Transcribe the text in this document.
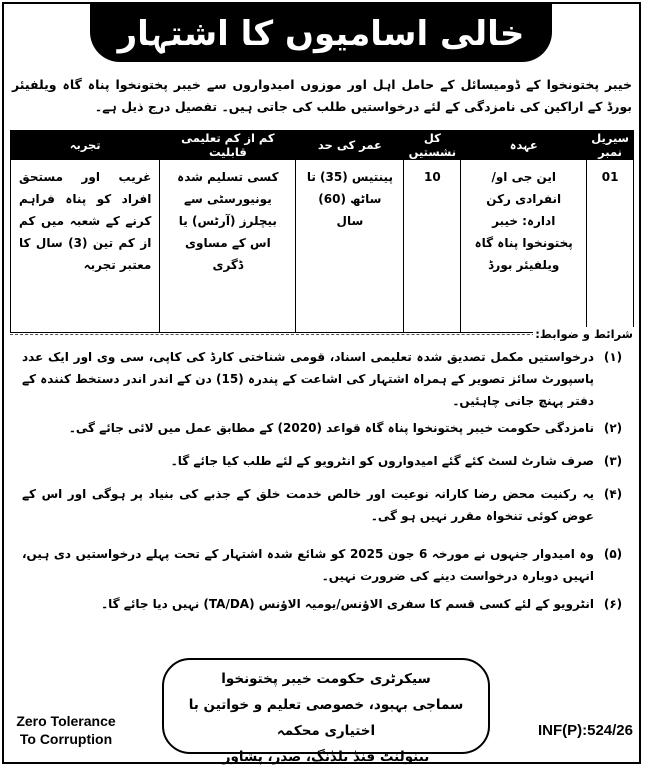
خالی اسامیوں کا اشتہار
خیبر پختونخوا کے ڈومیسائل کے حامل اہل اور موزوں امیدواروں سے خیبر پختونخوا پناہ گاہ ویلفیئر بورڈ کے اراکین کی نامزدگی کے لئے درخواستیں طلب کی جاتی ہیں۔ تفصیل درج ذیل ہے۔
سیریل نمبر	عہدہ	کل نشستیں	عمر کی حد	کم از کم تعلیمی قابلیت	تجربہ
01	این جی او/انفرادی رکن ادارہ: خیبر پختونخوا پناہ گاہ ویلفیئر بورڈ	10	پینتیس (35) تا ساٹھ (60) سال	کسی تسلیم شدہ یونیورسٹی سے بیچلرز (آرٹس) یا اس کے مساوی ڈگری	غریب اور مستحق افراد کو پناہ فراہم کرنے کے شعبہ میں کم از کم تین (3) سال کا معتبر تجربہ
شرائط و ضوابط:
(۱)
درخواستیں مکمل تصدیق شدہ تعلیمی اسناد، قومی شناختی کارڈ کی کاپی، سی وی اور ایک عدد پاسپورٹ سائز تصویر کے ہمراہ اشتہار کی اشاعت کے پندرہ (15) دن کے اندر اندر دستخط کنندہ کے دفتر پہنچ جانی چاہئیں۔
(۲)
نامزدگی حکومت خیبر پختونخوا پناہ گاہ قواعد (2020) کے مطابق عمل میں لائی جائے گی۔
(۳)
صرف شارٹ لسٹ کئے گئے امیدواروں کو انٹرویو کے لئے طلب کیا جائے گا۔
(۴)
یہ رکنیت محض رضا کارانہ نوعیت اور خالص خدمت خلق کے جذبے کی بنیاد پر ہوگی اور اس کے عوض کوئی تنخواہ مقرر نہیں ہو گی۔
(۵)
وہ امیدوار جنہوں نے مورخہ 6 جون 2025 کو شائع شدہ اشتہار کے تحت پہلے درخواستیں دی ہیں، انہیں دوبارہ درخواست دینے کی ضرورت نہیں۔
(۶)
انٹرویو کے لئے کسی قسم کا سفری الاؤنس/یومیہ الاؤنس (TA/DA) نہیں دیا جائے گا۔
سیکرٹری حکومت خیبر پختونخوا
سماجی بہبود، خصوصی تعلیم و خواتین با اختیاری محکمہ
بینولنٹ فنڈ بلڈنگ، صدر، پشاور
Zero Tolerance
To Corruption	INF(P):524/26
